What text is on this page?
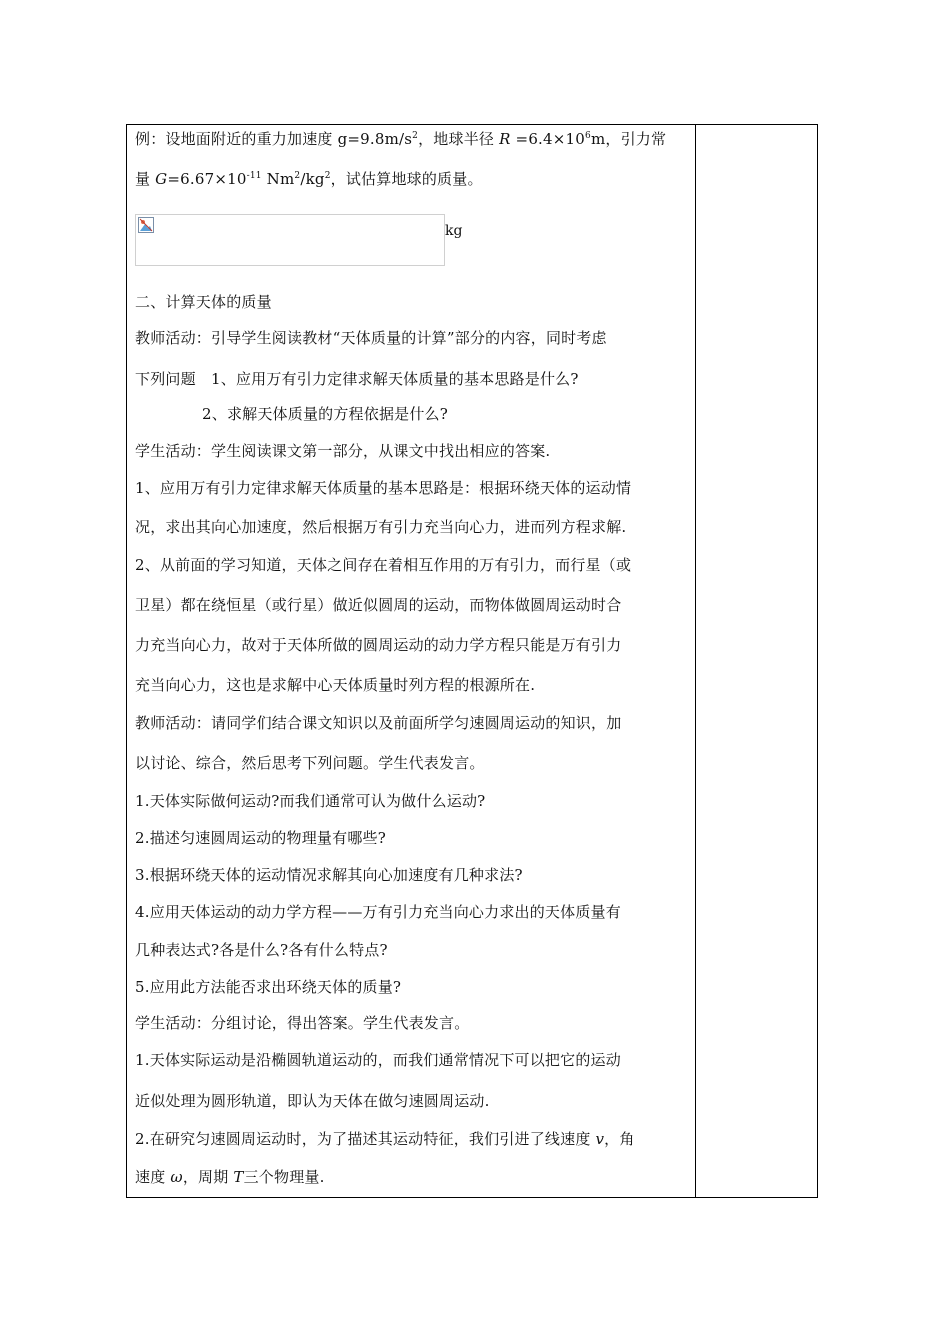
例：设地面附近的重力加速度 $g=9.8m/s^2$，地球半径 $R =6.4\times 10^6m$，引力常
量 $G=6.67\times 10^{-11}$ $Nm^2/kg^2$，试估算地球的质量。
kg
二、计算天体的质量
教师活动：引导学生阅读教材“天体质量的计算”部分的内容，同时考虑
下列问题　1、应用万有引力定律求解天体质量的基本思路是什么?
2、求解天体质量的方程依据是什么?
学生活动：学生阅读课文第一部分，从课文中找出相应的答案.
1、应用万有引力定律求解天体质量的基本思路是：根据环绕天体的运动情
况，求出其向心加速度，然后根据万有引力充当向心力，进而列方程求解.
2、从前面的学习知道，天体之间存在着相互作用的万有引力，而行星（或
卫星）都在绕恒星（或行星）做近似圆周的运动，而物体做圆周运动时合
力充当向心力，故对于天体所做的圆周运动的动力学方程只能是万有引力
充当向心力，这也是求解中心天体质量时列方程的根源所在.
教师活动：请同学们结合课文知识以及前面所学匀速圆周运动的知识，加
以讨论、综合，然后思考下列问题。学生代表发言。
1.天体实际做何运动?而我们通常可认为做什么运动?
2.描述匀速圆周运动的物理量有哪些?
3.根据环绕天体的运动情况求解其向心加速度有几种求法?
4.应用天体运动的动力学方程——万有引力充当向心力求出的天体质量有
几种表达式?各是什么?各有什么特点?
5.应用此方法能否求出环绕天体的质量?
学生活动：分组讨论，得出答案。学生代表发言。
1.天体实际运动是沿椭圆轨道运动的，而我们通常情况下可以把它的运动
近似处理为圆形轨道，即认为天体在做匀速圆周运动.
2.在研究匀速圆周运动时，为了描述其运动特征，我们引进了线速度 v，角
速度 ω，周期 T三个物理量.
